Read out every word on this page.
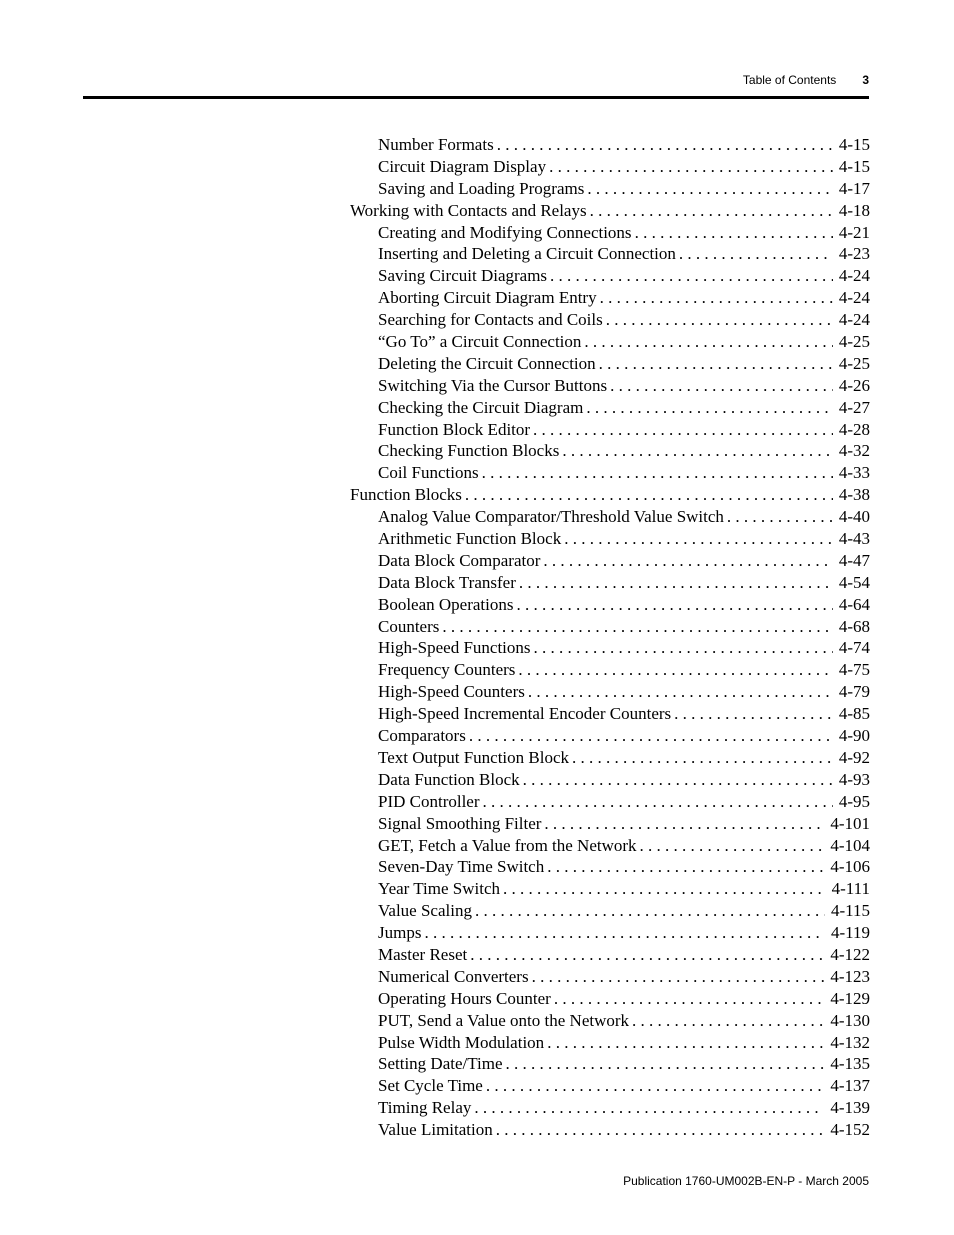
Table of Contents 3
Number Formats . . .	4-15
Circuit Diagram Display . . .	4-15
Saving and Loading Programs . . .	4-17
Working with Contacts and Relays . . .	4-18
Creating and Modifying Connections . . .	4-21
Inserting and Deleting a Circuit Connection . . .	4-23
Saving Circuit Diagrams . . .	4-24
Aborting Circuit Diagram Entry . . .	4-24
Searching for Contacts and Coils . . .	4-24
“Go To” a Circuit Connection . . .	4-25
Deleting the Circuit Connection . . .	4-25
Switching Via the Cursor Buttons . . .	4-26
Checking the Circuit Diagram . . .	4-27
Function Block Editor . . .	4-28
Checking Function Blocks . . .	4-32
Coil Functions . . .	4-33
Function Blocks . . .	4-38
Analog Value Comparator/Threshold Value Switch . . .	4-40
Arithmetic Function Block . . .	4-43
Data Block Comparator . . .	4-47
Data Block Transfer . . .	4-54
Boolean Operations . . .	4-64
Counters . . .	4-68
High-Speed Functions . . .	4-74
Frequency Counters . . .	4-75
High-Speed Counters . . .	4-79
High-Speed Incremental Encoder Counters . . .	4-85
Comparators . . .	4-90
Text Output Function Block . . .	4-92
Data Function Block . . .	4-93
PID Controller . . .	4-95
Signal Smoothing Filter . . .	4-101
GET, Fetch a Value from the Network . . .	4-104
Seven-Day Time Switch . . .	4-106
Year Time Switch . . .	4-111
Value Scaling . . .	4-115
Jumps . . .	4-119
Master Reset . . .	4-122
Numerical Converters . . .	4-123
Operating Hours Counter . . .	4-129
PUT, Send a Value onto the Network . . .	4-130
Pulse Width Modulation . . .	4-132
Setting Date/Time . . .	4-135
Set Cycle Time . . .	4-137
Timing Relay . . .	4-139
Value Limitation . . .	4-152
Publication 1760-UM002B-EN-P - March 2005
